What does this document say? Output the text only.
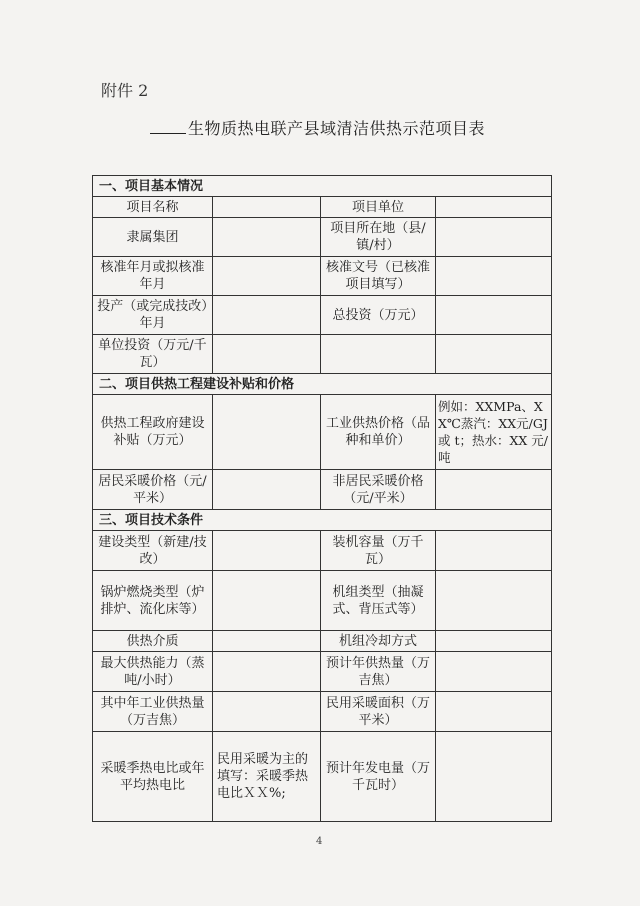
附件 2
生物质热电联产县域清洁供热示范项目表
一、项目基本情况			
项目名称		项目单位	
隶属集团		项目所在地（县/镇/村）	
核准年月或拟核准年月		核准文号（已核准项目填写）	
投产（或完成技改）年月		总投资（万元）	
单位投资（万元/千瓦）			
二、项目供热工程建设补贴和价格			
供热工程政府建设补贴（万元）		工业供热价格（品种和单价）	例如：XXMPa、XX℃蒸汽：XX元/GJ 或 t；热水：XX 元/吨
居民采暖价格（元/平米）		非居民采暖价格（元/平米）	
三、项目技术条件			
建设类型（新建/技改）		装机容量（万千瓦）	
锅炉燃烧类型（炉排炉、流化床等）		机组类型（抽凝式、背压式等）	
供热介质		机组冷却方式	
最大供热能力（蒸吨/小时）		预计年供热量（万吉焦）	
其中年工业供热量（万吉焦）		民用采暖面积（万平米）	
采暖季热电比或年平均热电比	民用采暖为主的填写：采暖季热电比ＸＸ%;	预计年发电量（万千瓦时）	
4
